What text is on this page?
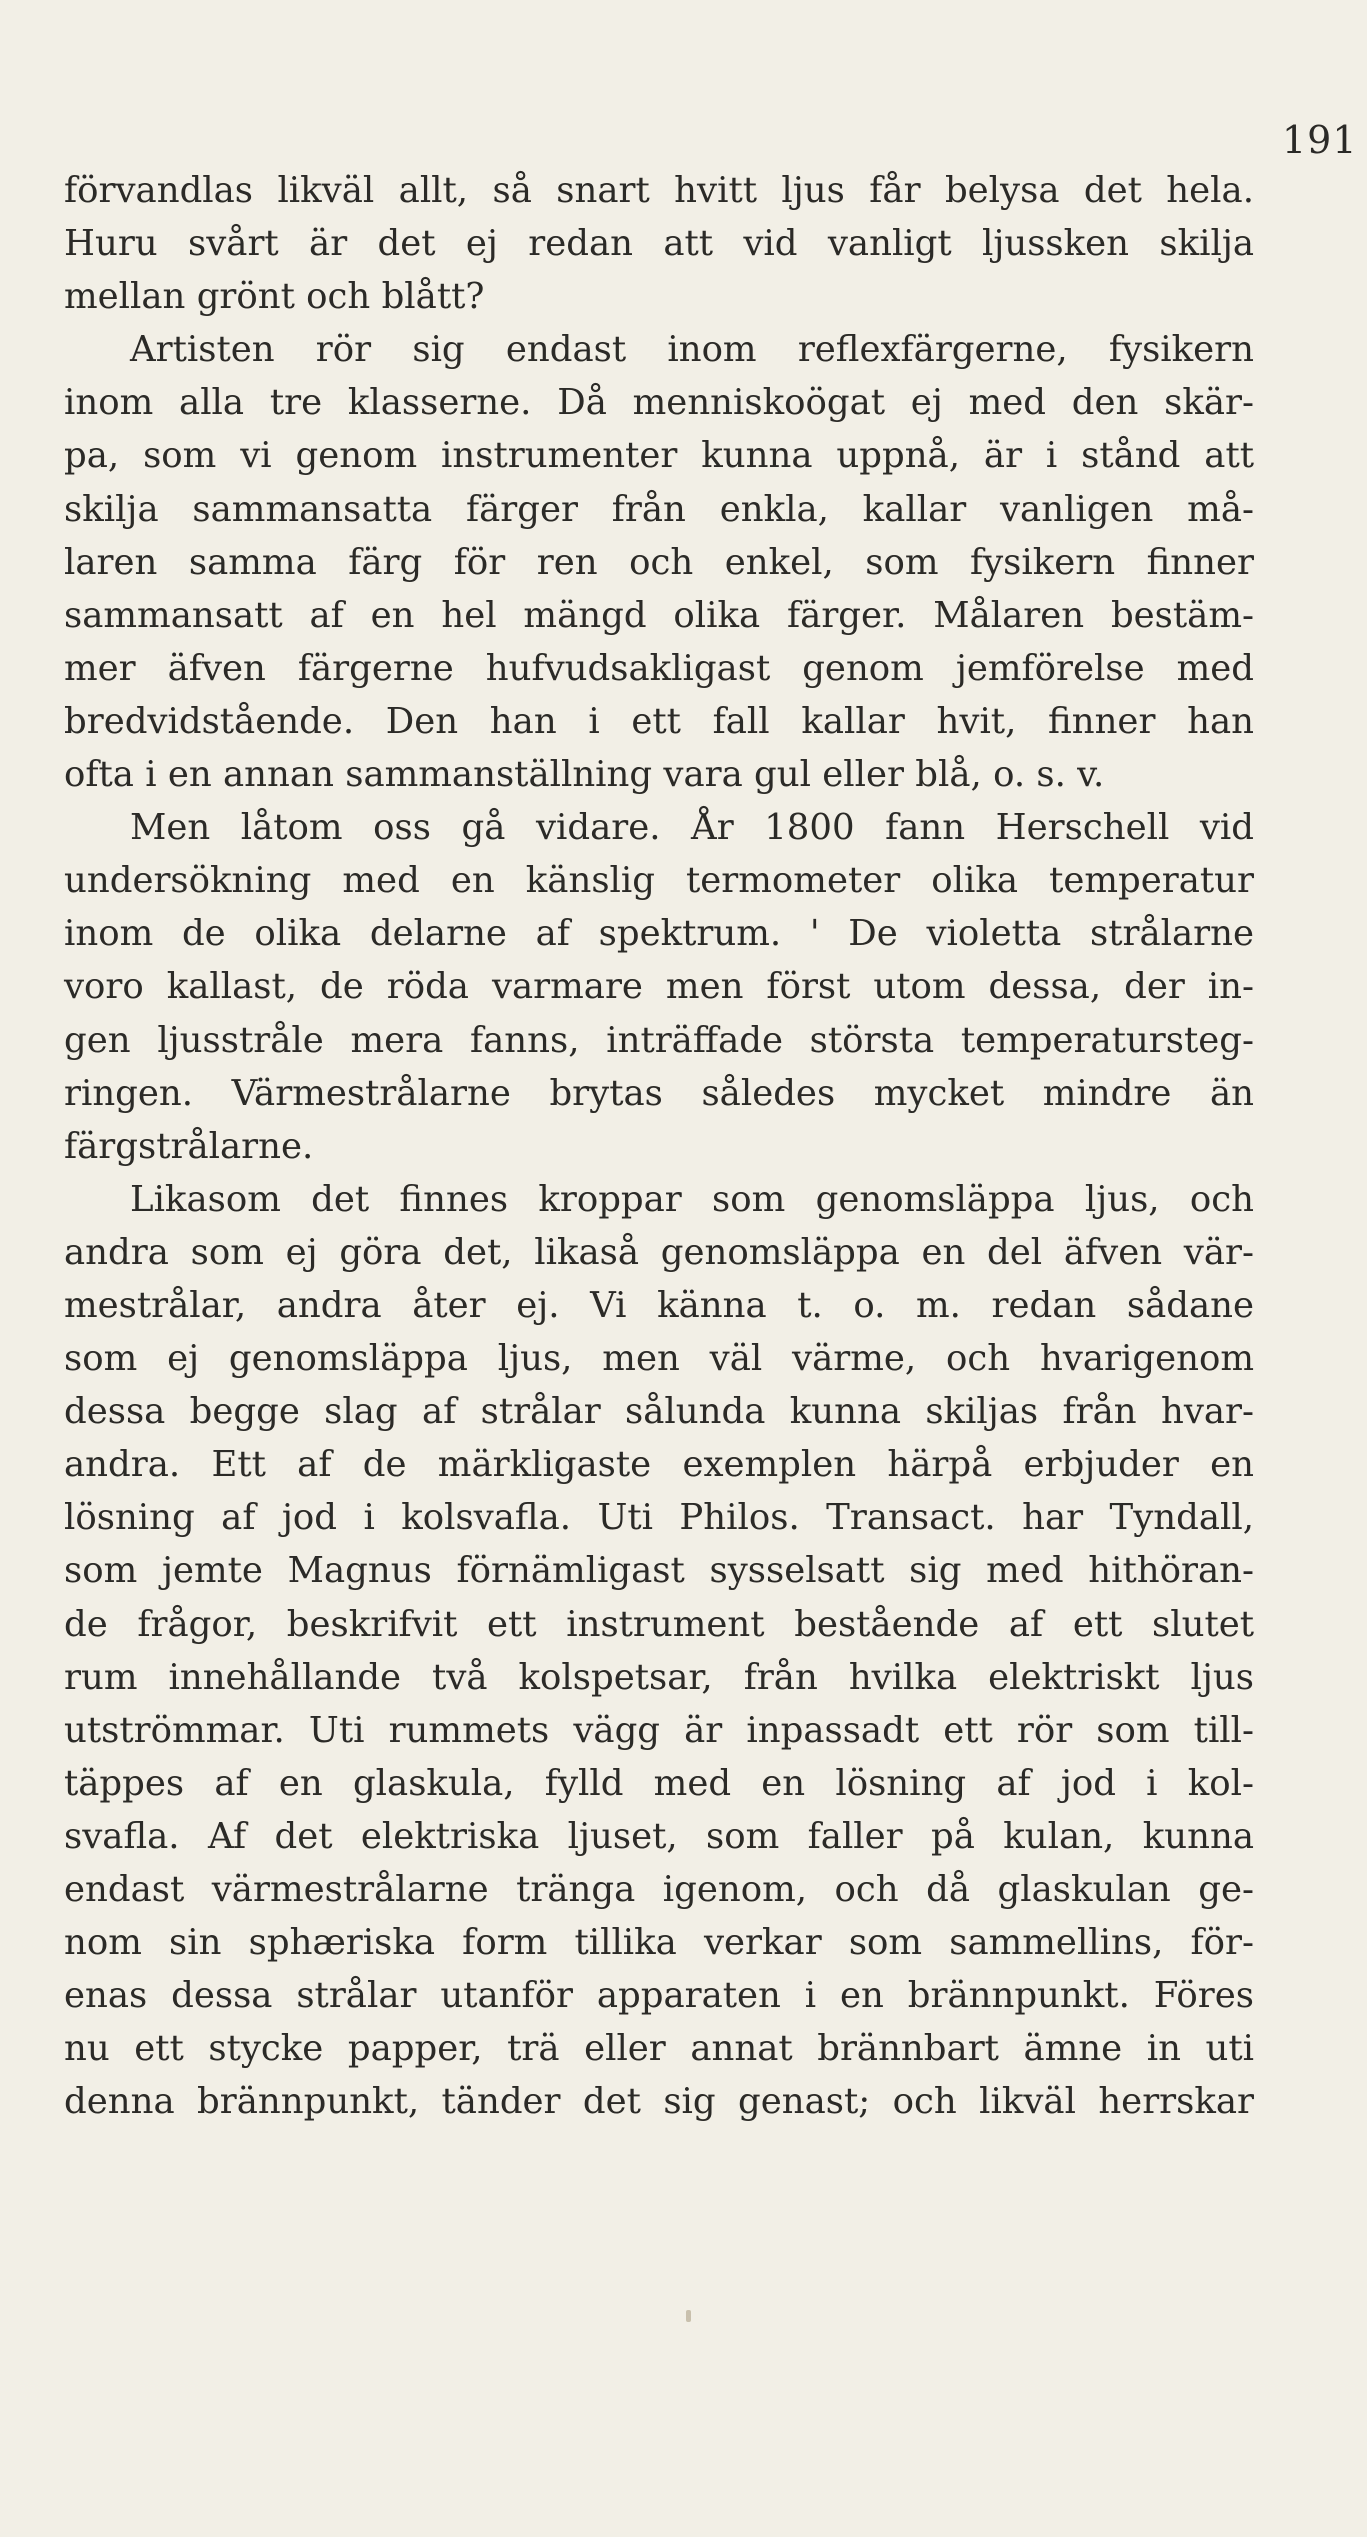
191
förvandlas likväl allt, så snart hvitt ljus får belysa det hela.
Huru svårt är det ej redan att vid vanligt ljussken skilja
mellan grönt och blått?
Artisten rör sig endast inom reflexfärgerne, fysikern
inom alla tre klasserne. Då menniskoögat ej med den skär-
pa, som vi genom instrumenter kunna uppnå, är i stånd att
skilja sammansatta färger från enkla, kallar vanligen må-
laren samma färg för ren och enkel, som fysikern finner
sammansatt af en hel mängd olika färger. Målaren bestäm-
mer äfven färgerne hufvudsakligast genom jemförelse med
bredvidstående. Den han i ett fall kallar hvit, finner han
ofta i en annan sammanställning vara gul eller blå, o. s. v.
Men låtom oss gå vidare. År 1800 fann Herschell vid
undersökning med en känslig termometer olika temperatur
inom de olika delarne af spektrum. ' De violetta strålarne
voro kallast, de röda varmare men först utom dessa, der in-
gen ljusstråle mera fanns, inträffade största temperatursteg-
ringen. Värmestrålarne brytas således mycket mindre än
färgstrålarne.
Likasom det finnes kroppar som genomsläppa ljus, och
andra som ej göra det, likaså genomsläppa en del äfven vär-
mestrålar, andra åter ej. Vi känna t. o. m. redan sådane
som ej genomsläppa ljus, men väl värme, och hvarigenom
dessa begge slag af strålar sålunda kunna skiljas från hvar-
andra. Ett af de märkligaste exemplen härpå erbjuder en
lösning af jod i kolsvafla. Uti Philos. Transact. har Tyndall,
som jemte Magnus förnämligast sysselsatt sig med hithöran-
de frågor, beskrifvit ett instrument bestående af ett slutet
rum innehållande två kolspetsar, från hvilka elektriskt ljus
utströmmar. Uti rummets vägg är inpassadt ett rör som till-
täppes af en glaskula, fylld med en lösning af jod i kol-
svafla. Af det elektriska ljuset, som faller på kulan, kunna
endast värmestrålarne tränga igenom, och då glaskulan ge-
nom sin sphæriska form tillika verkar som sammellins, för-
enas dessa strålar utanför apparaten i en brännpunkt. Föres
nu ett stycke papper, trä eller annat brännbart ämne in uti
denna brännpunkt, tänder det sig genast; och likväl herrskar
